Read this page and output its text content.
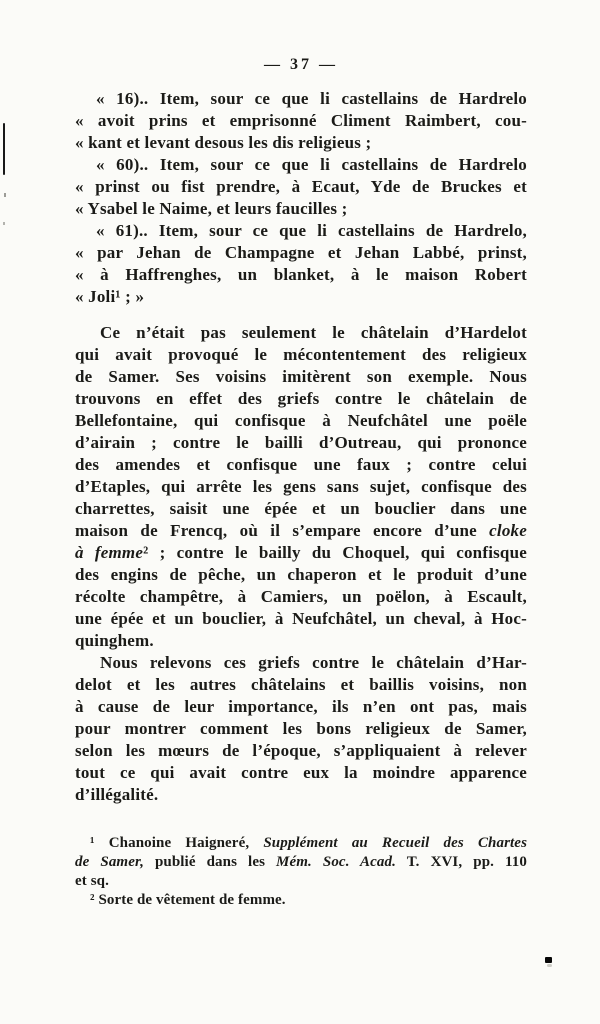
— 37 —
« 16).. Item, sour ce que li castellains de Hardrelo
« avoit prins et emprisonné Climent Raimbert, cou-
« kant et levant desous les dis religieus ;
« 60).. Item, sour ce que li castellains de Hardrelo
« prinst ou fist prendre, à Ecaut, Yde de Bruckes et
« Ysabel le Naime, et leurs faucilles ;
« 61).. Item, sour ce que li castellains de Hardrelo,
« par Jehan de Champagne et Jehan Labbé, prinst,
« à Haffrenghes, un blanket, à le maison Robert
« Joli¹ ; »
Ce n’était pas seulement le châtelain d’Hardelot
qui avait provoqué le mécontentement des religieux
de Samer. Ses voisins imitèrent son exemple. Nous
trouvons en effet des griefs contre le châtelain de
Bellefontaine, qui confisque à Neufchâtel une poële
d’airain ; contre le bailli d’Outreau, qui prononce
des amendes et confisque une faux ; contre celui
d’Etaples, qui arrête les gens sans sujet, confisque des
charrettes, saisit une épée et un bouclier dans une
maison de Frencq, où il s’empare encore d’une cloke
à femme² ; contre le bailly du Choquel, qui confisque
des engins de pêche, un chaperon et le produit d’une
récolte champêtre, à Camiers, un poëlon, à Escault,
une épée et un bouclier, à Neufchâtel, un cheval, à Hoc-
quinghem.
Nous relevons ces griefs contre le châtelain d’Har-
delot et les autres châtelains et baillis voisins, non
à cause de leur importance, ils n’en ont pas, mais
pour montrer comment les bons religieux de Samer,
selon les mœurs de l’époque, s’appliquaient à relever
tout ce qui avait contre eux la moindre apparence
d’illégalité.
¹ Chanoine Haigneré, Supplément au Recueil des Chartes
de Samer, publié dans les Mém. Soc. Acad. T. XVI, pp. 110
et sq.
² Sorte de vêtement de femme.
